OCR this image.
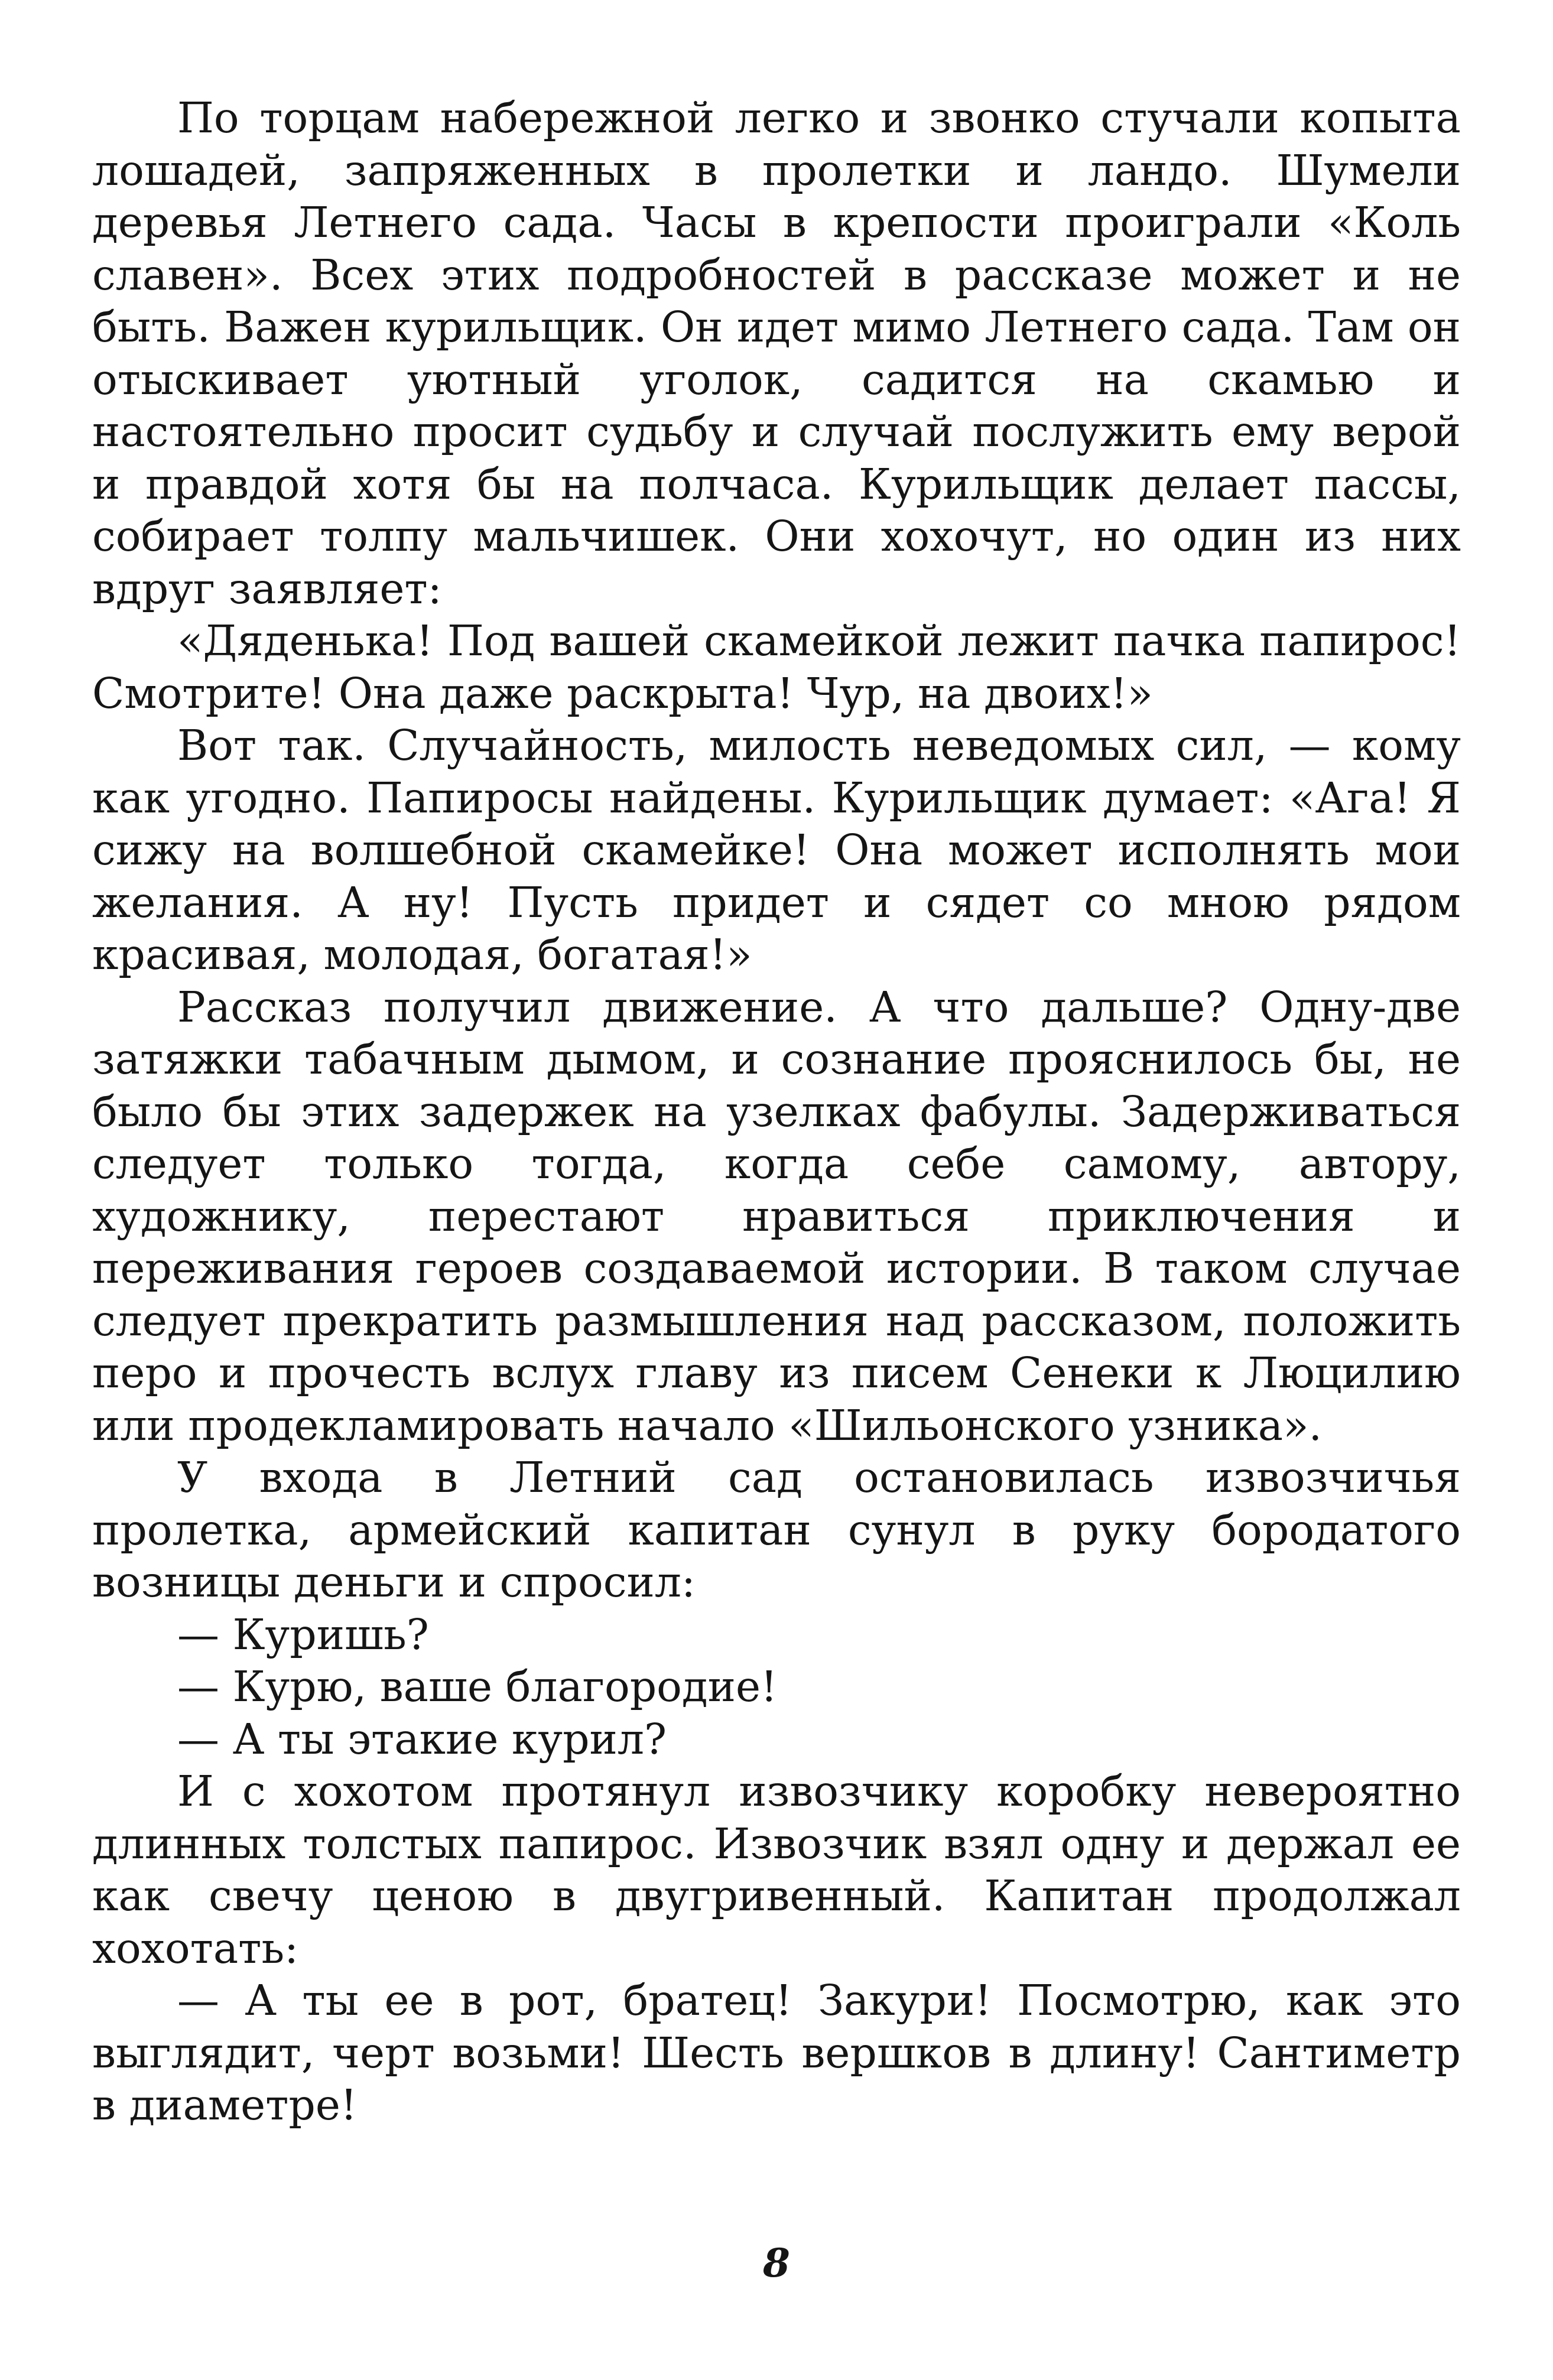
По торцам набережной легко и звонко стучали копыта лошадей, запряженных в пролетки и ландо. Шумели деревья Летнего сада. Часы в крепости проиграли «Коль славен». Всех этих подробностей в рассказе может и не быть. Важен курильщик. Он идет мимо Летнего сада. Там он отыскивает уютный уголок, садится на скамью и настоятельно просит судьбу и случай послужить ему верой и правдой хотя бы на полчаса. Курильщик делает пассы, собирает толпу мальчишек. Они хохочут, но один из них вдруг заявляет:

«Дяденька! Под вашей скамейкой лежит пачка папирос! Смотрите! Она даже раскрыта! Чур, на двоих!»

Вот так. Случайность, милость неведомых сил, — кому как угодно. Папиросы найдены. Курильщик думает: «Ага! Я сижу на волшебной скамейке! Она может исполнять мои желания. А ну! Пусть придет и сядет со мною рядом красивая, молодая, богатая!»

Рассказ получил движение. А что дальше? Одну-две затяжки табачным дымом, и сознание прояснилось бы, не было бы этих задержек на узелках фабулы. Задерживаться следует только тогда, когда себе самому, автору, художнику, перестают нравиться приключения и переживания героев создаваемой истории. В таком случае следует прекратить размышления над рассказом, положить перо и прочесть вслух главу из писем Сенеки к Люцилию или продекламировать начало «Шильонского узника».

У входа в Летний сад остановилась извозчичья пролетка, армейский капитан сунул в руку бородатого возницы деньги и спросил:

— Куришь?

— Курю, ваше благородие!

— А ты этакие курил?

И с хохотом протянул извозчику коробку невероятно длинных толстых папирос. Извозчик взял одну и держал ее как свечу ценою в двугривенный. Капитан продолжал хохотать:

— А ты ее в рот, братец! Закури! Посмотрю, как это выглядит, черт возьми! Шесть вершков в длину! Сантиметр в диаметре!

8
